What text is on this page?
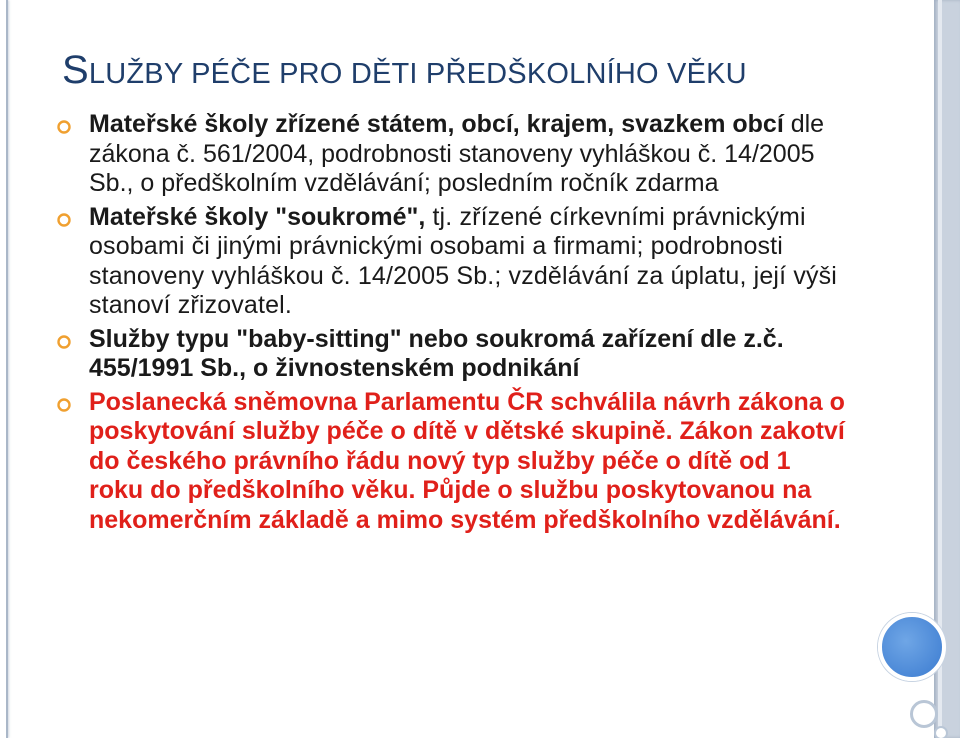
SLUŽBY PÉČE PRO DĚTI PŘEDŠKOLNÍHO VĚKU
Mateřské školy zřízené státem, obcí, krajem, svazkem obcí dle zákona č. 561/2004, podrobnosti stanoveny vyhláškou č. 14/2005 Sb., o předškolním vzdělávání; posledním ročník zdarma
Mateřské školy "soukromé", tj. zřízené církevními právnickými osobami či jinými právnickými osobami a firmami; podrobnosti stanoveny vyhláškou č. 14/2005 Sb.; vzdělávání za úplatu, její výši stanoví zřizovatel.
Služby typu "baby-sitting" nebo soukromá zařízení dle z.č. 455/1991 Sb., o živnostenském podnikání
Poslanecká sněmovna Parlamentu ČR schválila návrh zákona o poskytování služby péče o dítě v dětské skupině. Zákon zakotví do českého právního řádu nový typ služby péče o dítě od 1 roku do předškolního věku. Půjde o službu poskytovanou na nekomerčním základě a mimo systém předškolního vzdělávání.
